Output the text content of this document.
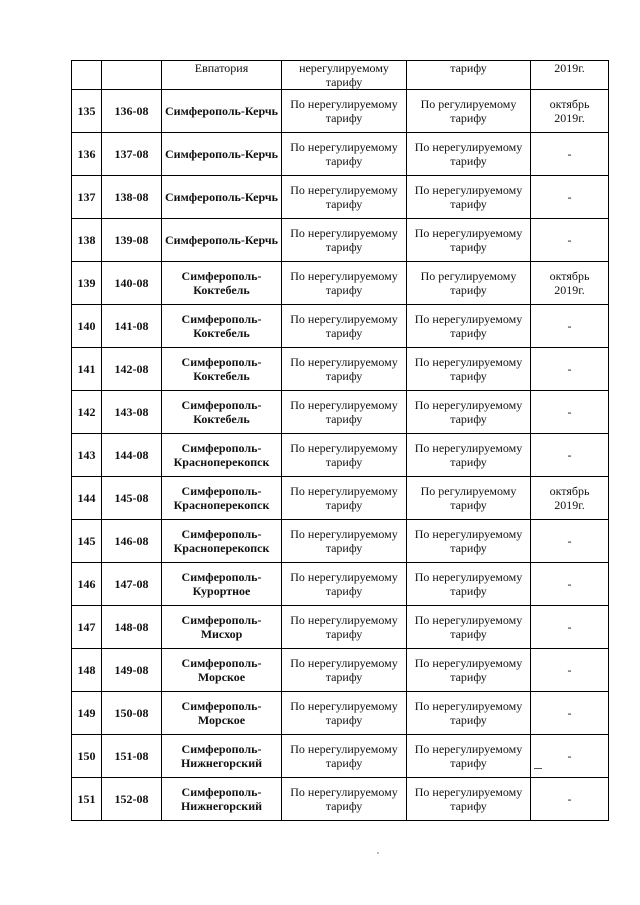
		Евпатория	нерегулируемому тарифу	тарифу	2019г.
135	136-08	Симферополь-Керчь	По нерегулируемому тарифу	По регулируемому тарифу	октябрь 2019г.
136	137-08	Симферополь-Керчь	По нерегулируемому тарифу	По нерегулируемому тарифу	-
137	138-08	Симферополь-Керчь	По нерегулируемому тарифу	По нерегулируемому тарифу	-
138	139-08	Симферополь-Керчь	По нерегулируемому тарифу	По нерегулируемому тарифу	-
139	140-08	Симферополь-Коктебель	По нерегулируемому тарифу	По регулируемому тарифу	октябрь 2019г.
140	141-08	Симферополь-Коктебель	По нерегулируемому тарифу	По нерегулируемому тарифу	-
141	142-08	Симферополь-Коктебель	По нерегулируемому тарифу	По нерегулируемому тарифу	-
142	143-08	Симферополь-Коктебель	По нерегулируемому тарифу	По нерегулируемому тарифу	-
143	144-08	Симферополь-Красноперекопск	По нерегулируемому тарифу	По нерегулируемому тарифу	-
144	145-08	Симферополь-Красноперекопск	По нерегулируемому тарифу	По регулируемому тарифу	октябрь 2019г.
145	146-08	Симферополь-Красноперекопск	По нерегулируемому тарифу	По нерегулируемому тарифу	-
146	147-08	Симферополь-Курортное	По нерегулируемому тарифу	По нерегулируемому тарифу	-
147	148-08	Симферополь-Мисхор	По нерегулируемому тарифу	По нерегулируемому тарифу	-
148	149-08	Симферополь-Морское	По нерегулируемому тарифу	По нерегулируемому тарифу	-
149	150-08	Симферополь-Морское	По нерегулируемому тарифу	По нерегулируемому тарифу	-
150	151-08	Симферополь-Нижнегорский	По нерегулируемому тарифу	По нерегулируемому тарифу	-
151	152-08	Симферополь-Нижнегорский	По нерегулируемому тарифу	По нерегулируемому тарифу	-
